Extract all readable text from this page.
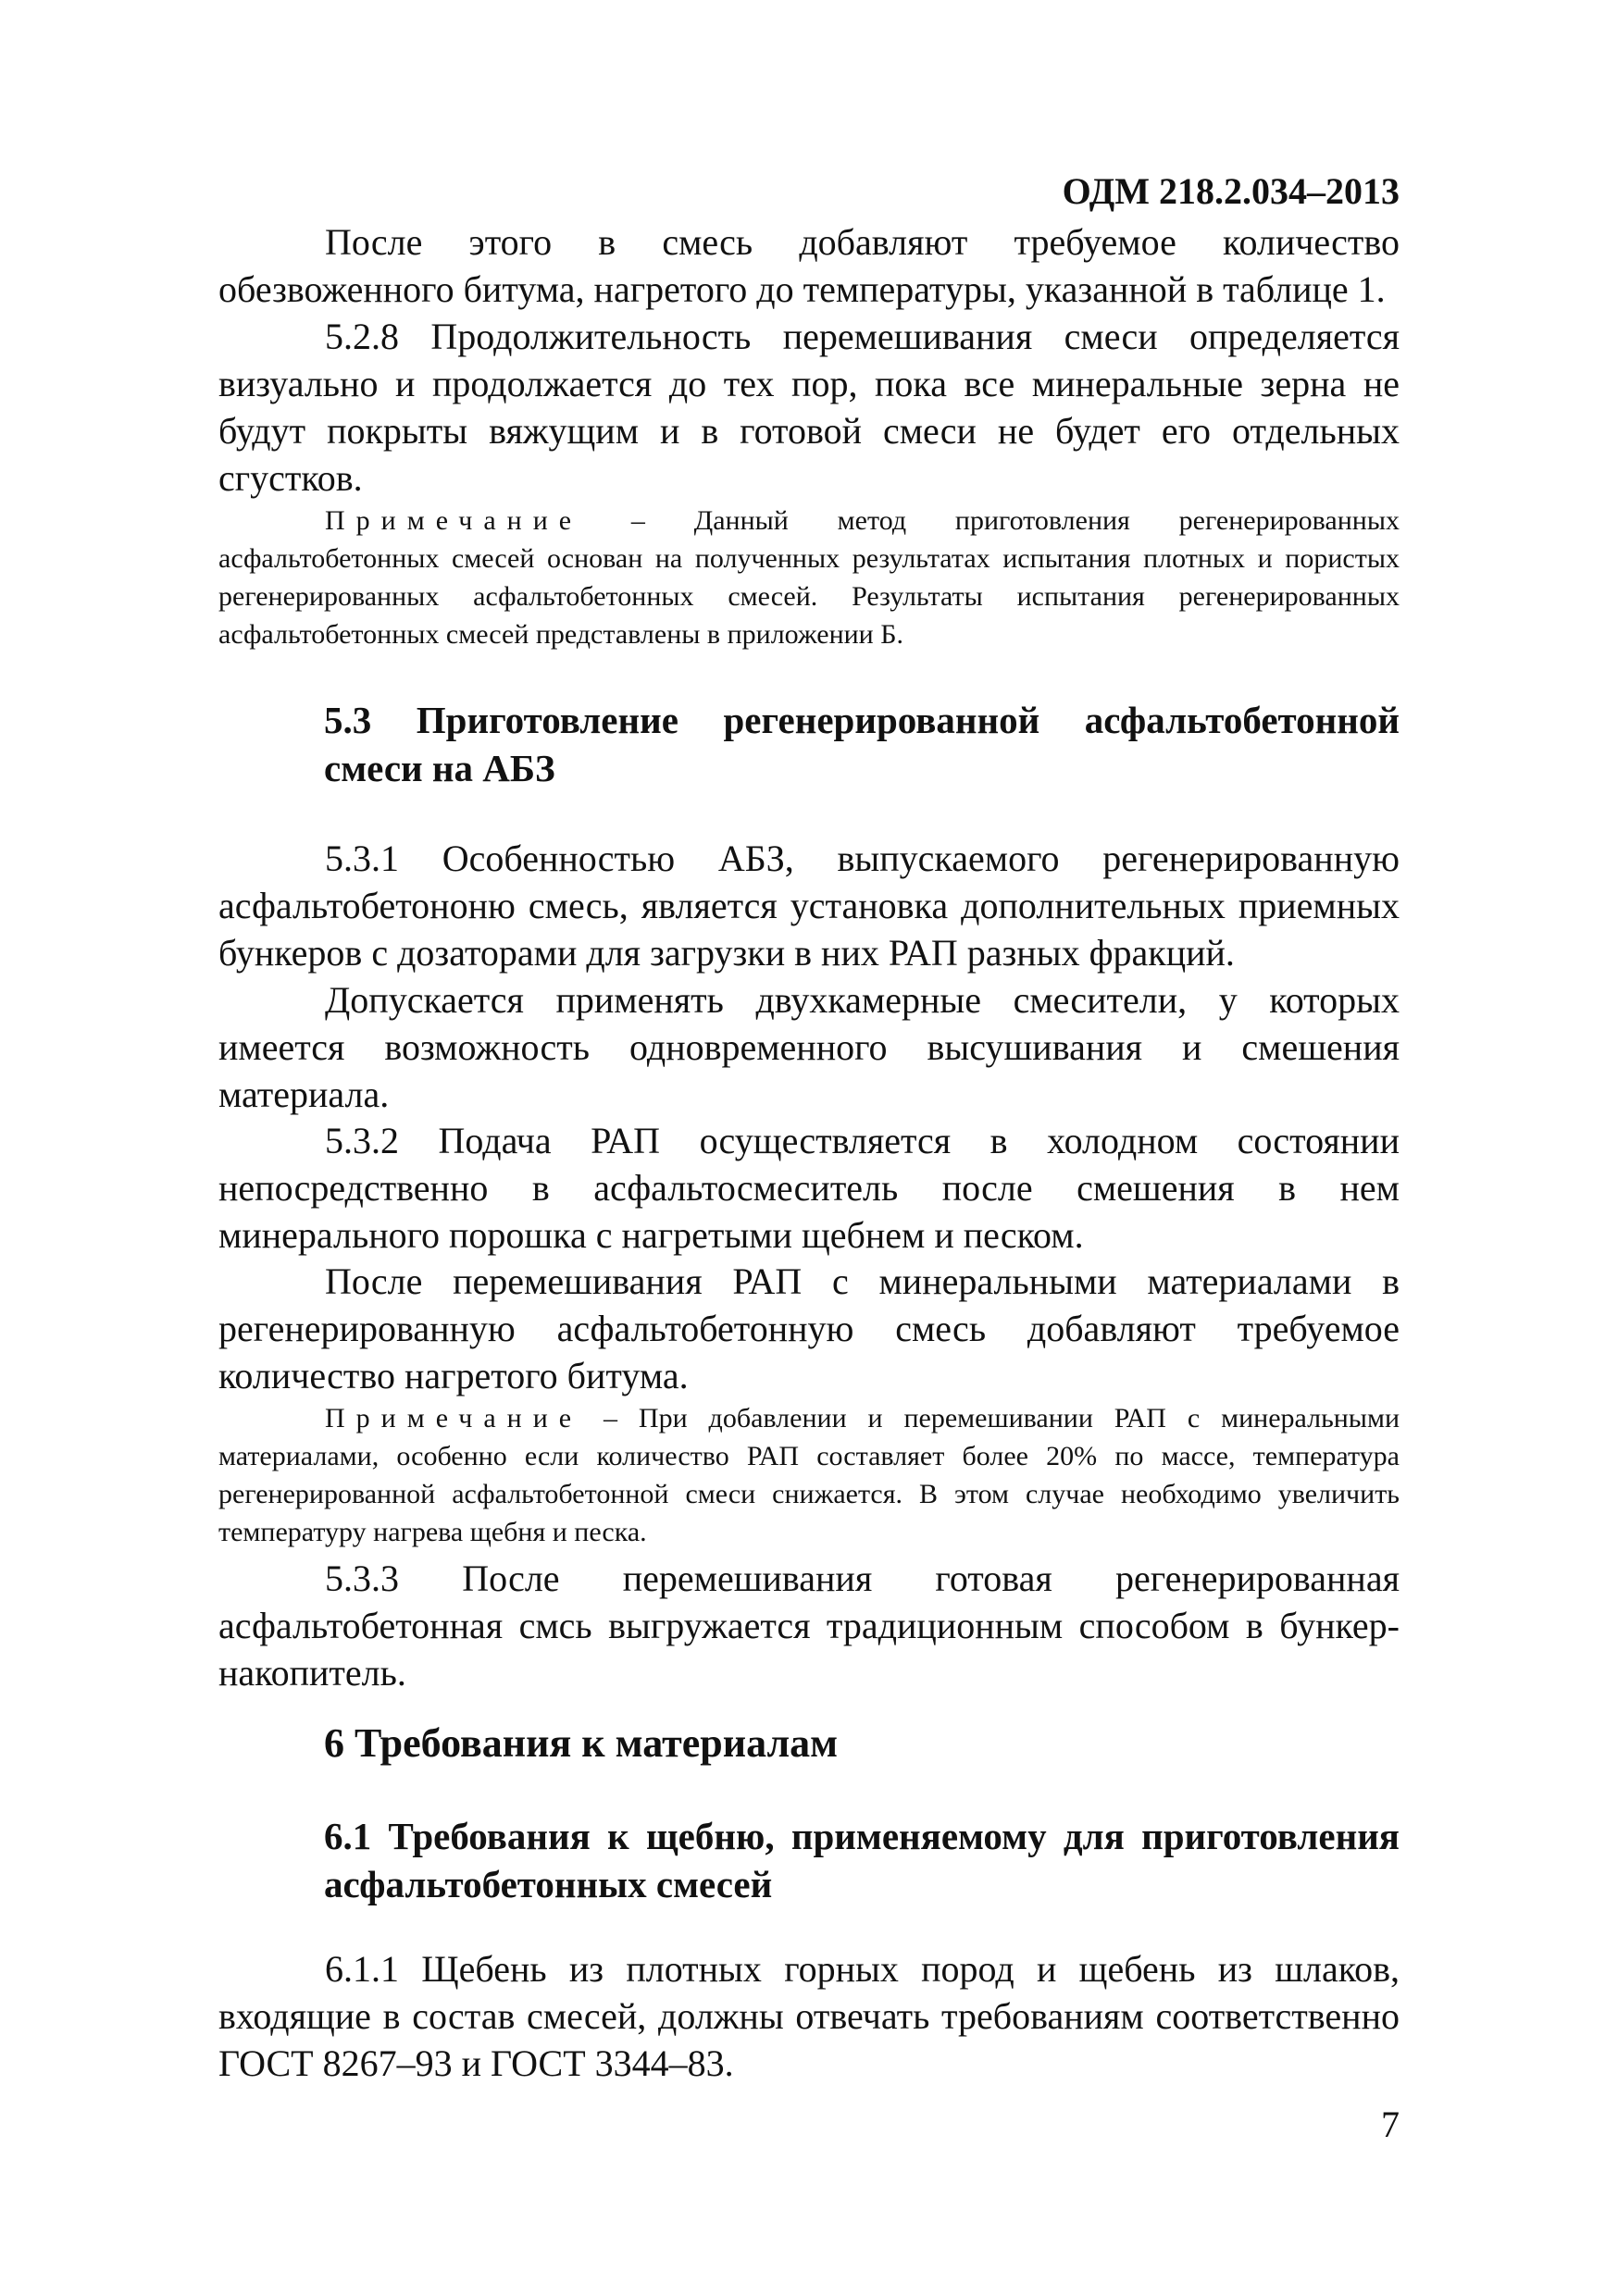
ОДМ 218.2.034–2013

После этого в смесь добавляют требуемое количество обезвоженного битума, нагретого до температуры, указанной в таблице 1.

5.2.8 Продолжительность перемешивания смеси определяется визуально и продолжается до тех пор, пока все минеральные зерна не будут покрыты вяжущим и в готовой смеси не будет его отдельных сгустков.

Примечание – Данный метод приготовления регенерированных асфальтобетонных смесей основан на полученных результатах испытания плотных и пористых регенерированных асфальтобетонных смесей. Результаты испытания регенерированных асфальтобетонных смесей представлены в приложении Б.

5.3 Приготовление регенерированной асфальтобетонной смеси на АБЗ

5.3.1 Особенностью АБЗ, выпускаемого регенерированную асфальтобетононю смесь, является установка дополнительных приемных бункеров с дозаторами для загрузки в них РАП разных фракций.

Допускается применять двухкамерные смесители, у которых имеется возможность одновременного высушивания и смешения материала.

5.3.2 Подача РАП осуществляется в холодном состоянии непосредственно в асфальтосмеситель после смешения в нем минерального порошка с нагретыми щебнем и песком.

После перемешивания РАП с минеральными материалами в регенерированную асфальтобетонную смесь добавляют требуемое количество нагретого битума.

Примечание – При добавлении и перемешивании РАП с минеральными материалами, особенно если количество РАП составляет более 20% по массе, температура регенерированной асфальтобетонной смеси снижается. В этом случае необходимо увеличить температуру нагрева щебня и песка.

5.3.3 После перемешивания готовая регенерированная асфальтобетонная смсь выгружается традиционным способом в бункер-накопитель.

6 Требования к материалам

6.1 Требования к щебню, применяемому для приготовления асфальтобетонных смесей

6.1.1 Щебень из плотных горных пород и щебень из шлаков, входящие в состав смесей, должны отвечать требованиям соответственно ГОСТ 8267–93 и ГОСТ 3344–83.

7
